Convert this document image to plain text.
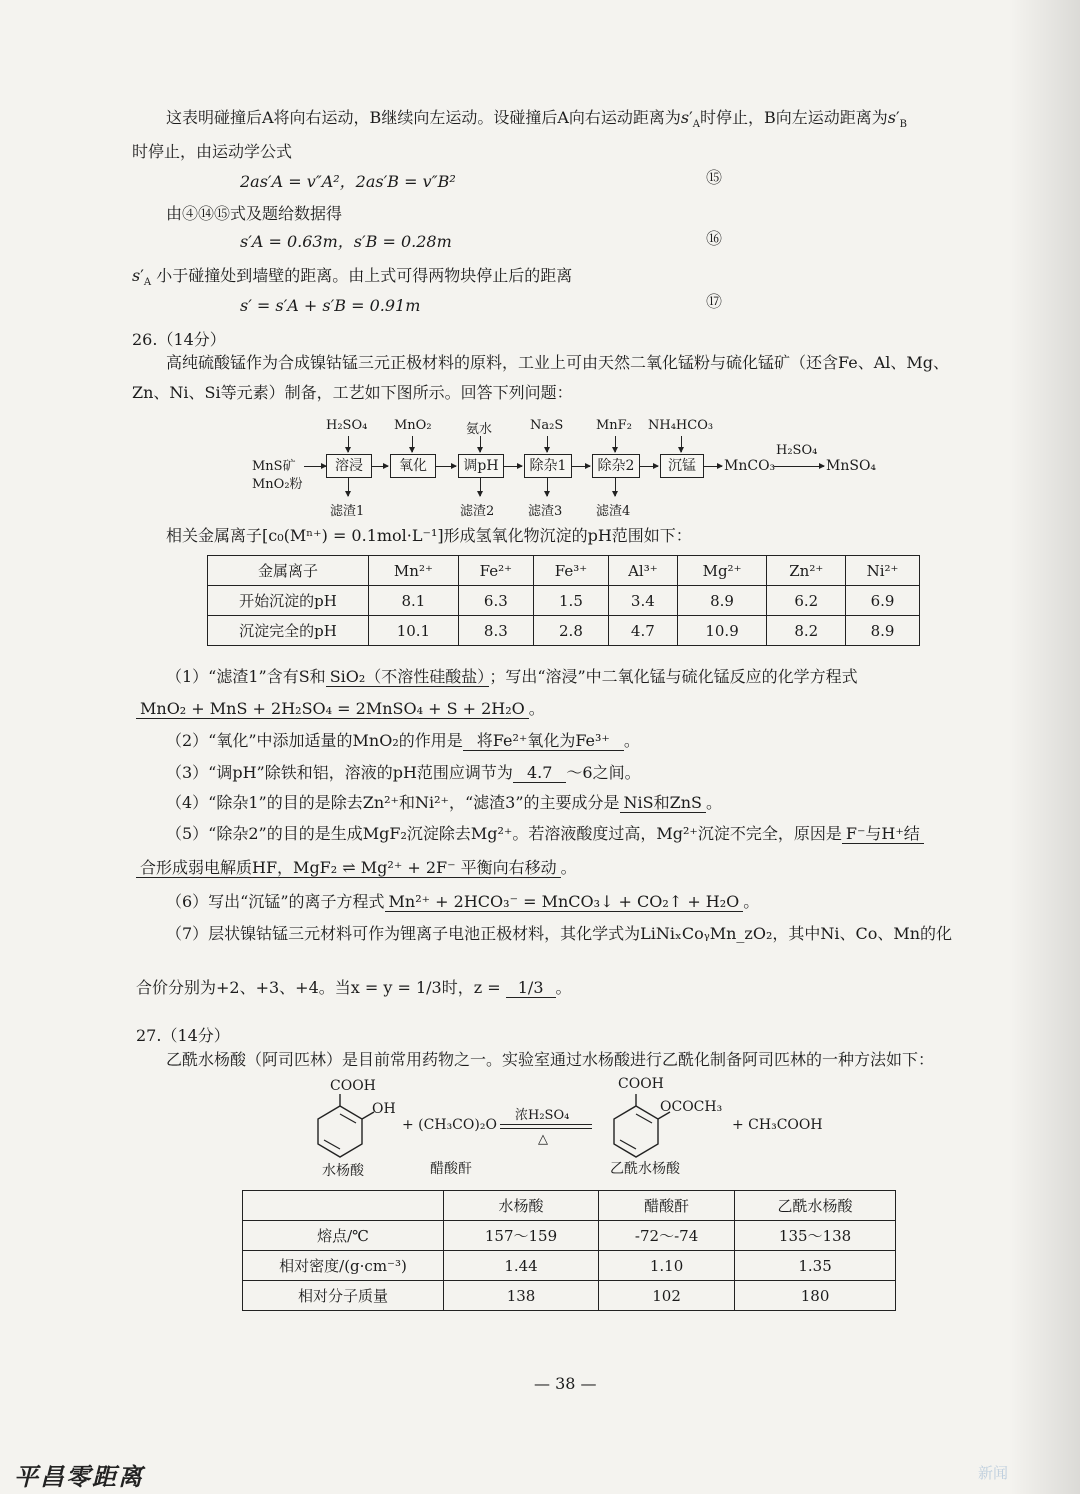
这表明碰撞后A将向右运动，B继续向左运动。设碰撞后A向右运动距离为$s'_A$时停止，B向左运动距离为$s'_B$
时停止，由运动学公式
2as′A = v″A²，2as′B = v″B²	⑮
由④⑭⑮式及题给数据得
s′A = 0.63m，s′B = 0.28m	⑯
$s'_A$ 小于碰撞处到墙壁的距离。由上式可得两物块停止后的距离
s′ = s′A + s′B = 0.91m	⑰
26.（14分）
高纯硫酸锰作为合成镍钴锰三元正极材料的原料，工业上可由天然二氧化锰粉与硫化锰矿（还含Fe、Al、Mg、
Zn、Ni、Si等元素）制备，工艺如下图所示。回答下列问题：
MnS矿
MnO₂粉
溶浸	氧化	调pH	除杂1	除杂2	沉锰	MnCO₃
H₂SO₄
MnSO₄
H₂SO₄ MnO₂	氨水	Na₂S	MnF₂ NH₄HCO₃
滤渣1	滤渣2	滤渣3	滤渣4
相关金属离子[c₀(Mⁿ⁺) = 0.1mol·L⁻¹]形成氢氧化物沉淀的pH范围如下：
金属离子	Mn²⁺	Fe²⁺	Fe³⁺	Al³⁺	Mg²⁺	Zn²⁺	Ni²⁺
开始沉淀的pH	8.1	6.3	1.5	3.4	8.9	6.2	6.9
沉淀完全的pH	10.1	8.3	2.8	4.7	10.9	8.2	8.9
（1）“滤渣1”含有S和 SiO₂（不溶性硅酸盐） ；写出“溶浸”中二氧化锰与硫化锰反应的化学方程式
MnO₂ + MnS + 2H₂SO₄ = 2MnSO₄ + S + 2H₂O 。
（2）“氧化”中添加适量的MnO₂的作用是 将Fe²⁺氧化为Fe³⁺ 。
（3）“调pH”除铁和铝，溶液的pH范围应调节为 4.7 ～6之间。
（4）“除杂1”的目的是除去Zn²⁺和Ni²⁺，“滤渣3”的主要成分是 NiS和ZnS 。
（5）“除杂2”的目的是生成MgF₂沉淀除去Mg²⁺。若溶液酸度过高，Mg²⁺沉淀不完全，原因是 F⁻与H⁺结
合形成弱电解质HF，MgF₂ ⇌ Mg²⁺ + 2F⁻ 平衡向右移动 。
（6）写出“沉锰”的离子方程式 Mn²⁺ + 2HCO₃⁻ = MnCO₃↓ + CO₂↑ + H₂O 。
（7）层状镍钴锰三元材料可作为锂离子电池正极材料，其化学式为LiNiₓCoᵧMn_zO₂，其中Ni、Co、Mn的化
合价分别为+2、+3、+4。当x = y = 1/3时，z = 1/3 。
27.（14分）
乙酰水杨酸（阿司匹林）是目前常用药物之一。实验室通过水杨酸进行乙酰化制备阿司匹林的一种方法如下：
COOH
OH
+ (CH₃CO)₂O
浓H₂SO₄
△
COOH
OCOCH₃
+ CH₃COOH
水杨酸	醋酸酐	乙酰水杨酸
	水杨酸	醋酸酐	乙酰水杨酸
熔点/℃	157～159	-72～-74	135～138
相对密度/(g·cm⁻³)	1.44	1.10	1.35
相对分子质量	138	102	180
— 38 —
平昌零距离	新闻
